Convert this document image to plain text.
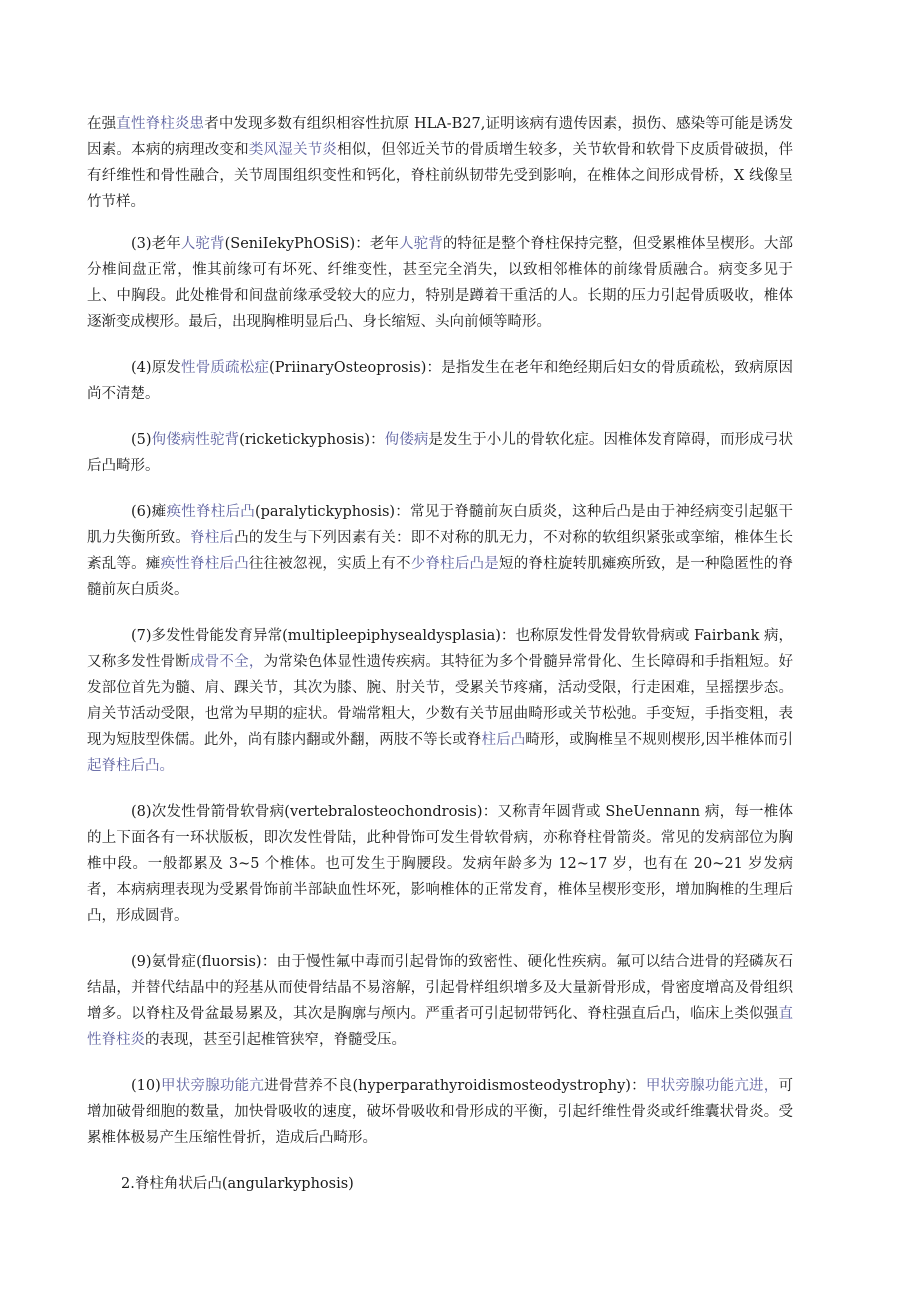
在强直性脊柱炎患者中发现多数有组织相容性抗原 HLA-B27,证明该病有遗传因素，损伤、感染等可能是诱发因素。本病的病理改变和类风湿关节炎相似，但邻近关节的骨质增生较多，关节软骨和软骨下皮质骨破损，伴有纤维性和骨性融合，关节周围组织变性和钙化，脊柱前纵韧带先受到影响，在椎体之间形成骨桥，X 线像呈竹节样。

(3)老年人驼背(SeniIekyPhOSiS)：老年人驼背的特征是整个脊柱保持完整，但受累椎体呈楔形。大部分椎间盘正常，惟其前缘可有坏死、纤维变性，甚至完全消失，以致相邻椎体的前缘骨质融合。病变多见于上、中胸段。此处椎骨和间盘前缘承受较大的应力，特别是蹲着干重活的人。长期的压力引起骨质吸收，椎体逐渐变成楔形。最后，出现胸椎明显后凸、身长缩短、头向前倾等畸形。

(4)原发性骨质疏松症(PriinaryOsteoprosis)：是指发生在老年和绝经期后妇女的骨质疏松，致病原因尚不清楚。

(5)佝偻病性驼背(ricketickyphosis)：佝偻病是发生于小儿的骨软化症。因椎体发育障碍，而形成弓状后凸畸形。

(6)瘫痪性脊柱后凸(paralytickyphosis)：常见于脊髓前灰白质炎，这种后凸是由于神经病变引起躯干肌力失衡所致。脊柱后凸的发生与下列因素有关：即不对称的肌无力，不对称的软组织紧张或挛缩，椎体生长紊乱等。瘫痪性脊柱后凸往往被忽视，实质上有不少脊柱后凸是短的脊柱旋转肌瘫痪所致，是一种隐匿性的脊髓前灰白质炎。

(7)多发性骨能发育异常(multipleepiphysealdysplasia)：也称原发性骨发骨软骨病或 Fairbank 病，又称多发性骨断成骨不全，为常染色体显性遗传疾病。其特征为多个骨髓异常骨化、生长障碍和手指粗短。好发部位首先为髓、肩、踝关节，其次为膝、腕、肘关节，受累关节疼痛，活动受限，行走困难，呈摇摆步态。肩关节活动受限，也常为早期的症状。骨端常粗大，少数有关节屈曲畸形或关节松弛。手变短，手指变粗，表现为短肢型侏儒。此外，尚有膝内翻或外翻，两肢不等长或脊柱后凸畸形，或胸椎呈不规则楔形,因半椎体而引起脊柱后凸。

(8)次发性骨箭骨软骨病(vertebralosteochondrosis)：又称青年圆背或 SheUennann 病，每一椎体的上下面各有一环状版板，即次发性骨陆，此种骨饰可发生骨软骨病，亦称脊柱骨箭炎。常见的发病部位为胸椎中段。一般都累及 3~5 个椎体。也可发生于胸腰段。发病年龄多为 12~17 岁，也有在 20~21 岁发病者，本病病理表现为受累骨饰前半部缺血性坏死，影响椎体的正常发育，椎体呈楔形变形，增加胸椎的生理后凸，形成圆背。

(9)氨骨症(fluorsis)：由于慢性氟中毒而引起骨饰的致密性、硬化性疾病。氟可以结合进骨的羟磷灰石结晶，并替代结晶中的羟基从而使骨结晶不易溶解，引起骨样组织增多及大量新骨形成，骨密度增高及骨组织增多。以脊柱及骨盆最易累及，其次是胸廓与颅内。严重者可引起韧带钙化、脊柱强直后凸，临床上类似强直性脊柱炎的表现，甚至引起椎管狭窄，脊髓受压。

(10)甲状旁腺功能亢进骨营养不良(hyperparathyroidismosteodystrophy)：甲状旁腺功能亢进，可增加破骨细胞的数量，加快骨吸收的速度，破坏骨吸收和骨形成的平衡，引起纤维性骨炎或纤维囊状骨炎。受累椎体极易产生压缩性骨折，造成后凸畸形。

2.脊柱角状后凸(angularkyphosis)
